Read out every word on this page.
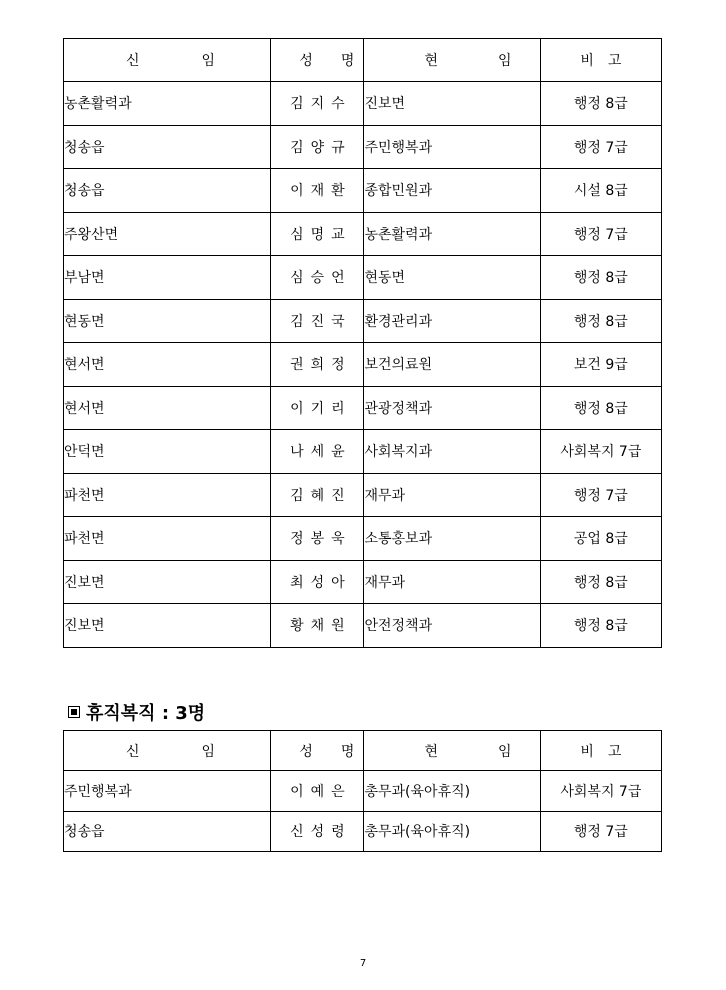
신임	성명	현임	비고
농촌활력과	김지수	진보면	행정 8급
청송읍	김양규	주민행복과	행정 7급
청송읍	이재환	종합민원과	시설 8급
주왕산면	심명교	농촌활력과	행정 7급
부남면	심승언	현동면	행정 8급
현동면	김진국	환경관리과	행정 8급
현서면	권희정	보건의료원	보건 9급
현서면	이기리	관광정책과	행정 8급
안덕면	나세윤	사회복지과	사회복지 7급
파천면	김혜진	재무과	행정 7급
파천면	정봉욱	소통홍보과	공업 8급
진보면	최성아	재무과	행정 8급
진보면	황채원	안전정책과	행정 8급
휴직복직 : 3명
신임	성명	현임	비고
주민행복과	이예은	총무과(육아휴직)	사회복지 7급
청송읍	신성령	총무과(육아휴직)	행정 7급
7
